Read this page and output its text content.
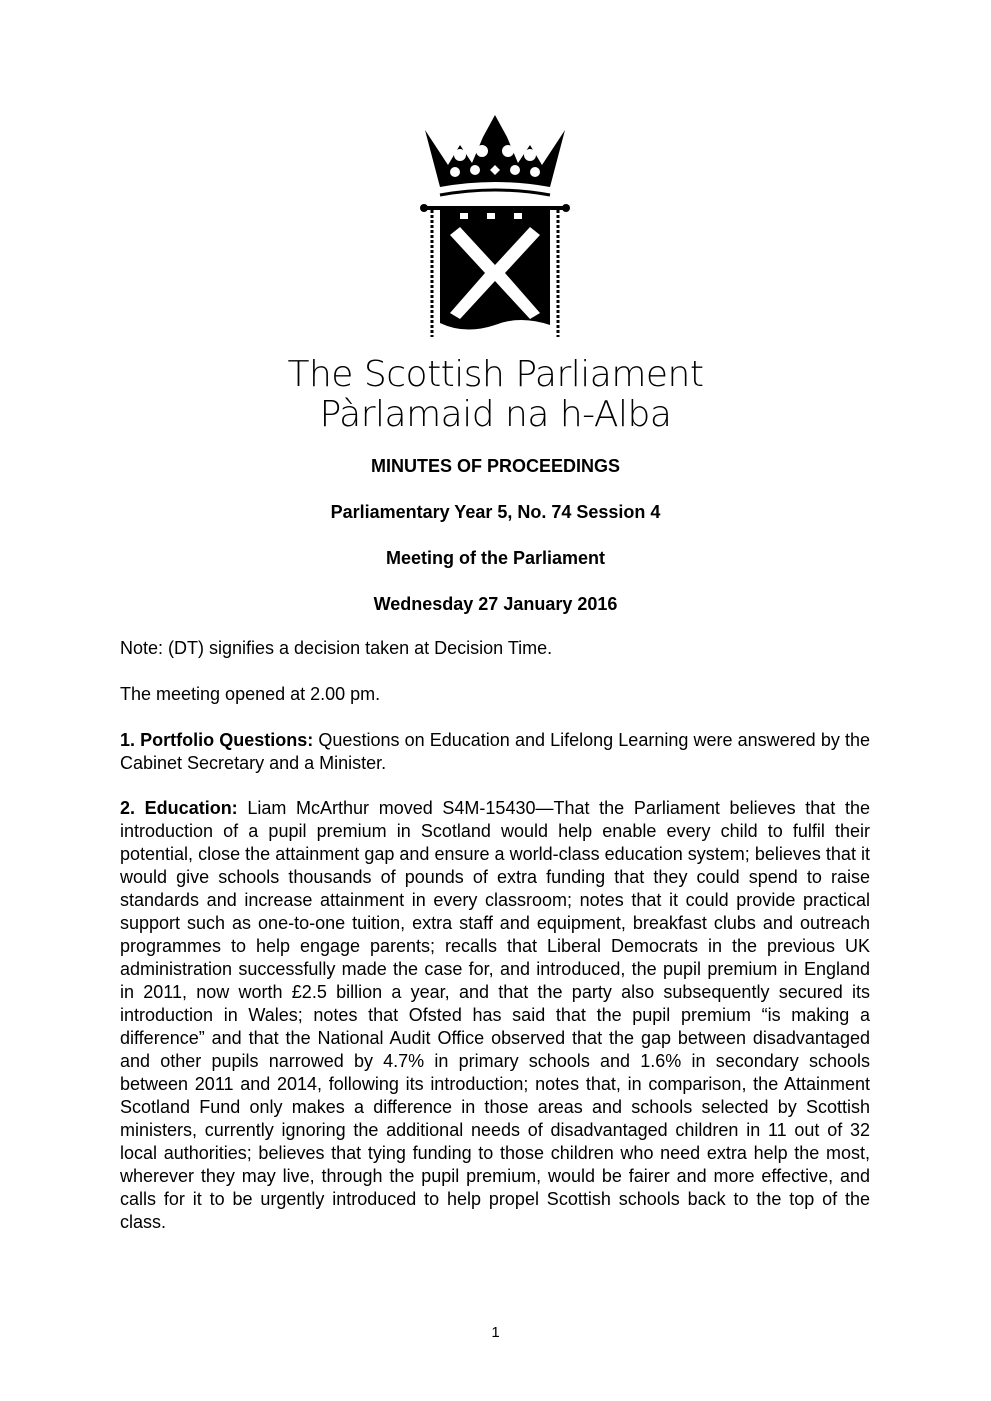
The Scottish Parliament
Pàrlamaid na h-Alba
MINUTES OF PROCEEDINGS
Parliamentary Year 5, No. 74 Session 4
Meeting of the Parliament
Wednesday 27 January 2016

Note: (DT) signifies a decision taken at Decision Time.

The meeting opened at 2.00 pm.

1. Portfolio Questions: Questions on Education and Lifelong Learning were answered by the Cabinet Secretary and a Minister.

2. Education: Liam McArthur moved S4M-15430—That the Parliament believes that the introduction of a pupil premium in Scotland would help enable every child to fulfil their potential, close the attainment gap and ensure a world-class education system; believes that it would give schools thousands of pounds of extra funding that they could spend to raise standards and increase attainment in every classroom; notes that it could provide practical support such as one-to-one tuition, extra staff and equipment, breakfast clubs and outreach programmes to help engage parents; recalls that Liberal Democrats in the previous UK administration successfully made the case for, and introduced, the pupil premium in England in 2011, now worth £2.5 billion a year, and that the party also subsequently secured its introduction in Wales; notes that Ofsted has said that the pupil premium “is making a difference” and that the National Audit Office observed that the gap between disadvantaged and other pupils narrowed by 4.7% in primary schools and 1.6% in secondary schools between 2011 and 2014, following its introduction; notes that, in comparison, the Attainment Scotland Fund only makes a difference in those areas and schools selected by Scottish ministers, currently ignoring the additional needs of disadvantaged children in 11 out of 32 local authorities; believes that tying funding to those children who need extra help the most, wherever they may live, through the pupil premium, would be fairer and more effective, and calls for it to be urgently introduced to help propel Scottish schools back to the top of the class.

1
